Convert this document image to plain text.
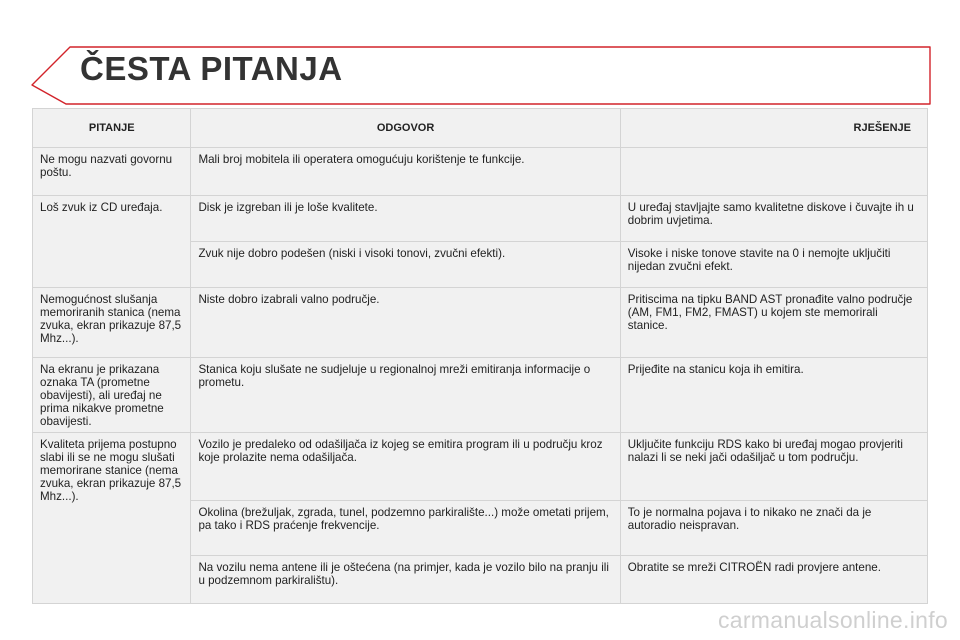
ČESTA PITANJA
PITANJE	ODGOVOR	RJEŠENJE
Ne mogu nazvati govornu poštu.	Mali broj mobitela ili operatera omogućuju korištenje te funkcije.	
Loš zvuk iz CD uređaja.	Disk je izgreban ili je loše kvalitete.	U uređaj stavljajte samo kvalitetne diskove i čuvajte ih u dobrim uvjetima.
	Zvuk nije dobro podešen (niski i visoki tonovi, zvučni efekti).	Visoke i niske tonove stavite na 0 i nemojte uključiti nijedan zvučni efekt.
Nemogućnost slušanja memoriranih stanica (nema zvuka, ekran prikazuje 87,5 Mhz...).	Niste dobro izabrali valno područje.	Pritiscima na tipku BAND AST pronađite valno područje (AM, FM1, FM2, FMAST) u kojem ste memorirali stanice.
Na ekranu je prikazana oznaka TA (prometne obavijesti), ali uređaj ne prima nikakve prometne obavijesti.	Stanica koju slušate ne sudjeluje u regionalnoj mreži emitiranja informacije o prometu.	Prijeđite na stanicu koja ih emitira.
Kvaliteta prijema postupno slabi ili se ne mogu slušati memorirane stanice (nema zvuka, ekran prikazuje 87,5 Mhz...).	Vozilo je predaleko od odašiljača iz kojeg se emitira program ili u području kroz koje prolazite nema odašiljača.	Uključite funkciju RDS kako bi uređaj mogao provjeriti nalazi li se neki jači odašiljač u tom području.
	Okolina (brežuljak, zgrada, tunel, podzemno parkiralište...) može ometati prijem, pa tako i RDS praćenje frekvencije.	To je normalna pojava i to nikako ne znači da je autoradio neispravan.
	Na vozilu nema antene ili je oštećena (na primjer, kada je vozilo bilo na pranju ili u podzemnom parkiralištu).	Obratite se mreži CITROËN radi provjere antene.
carmanualsonline.info
